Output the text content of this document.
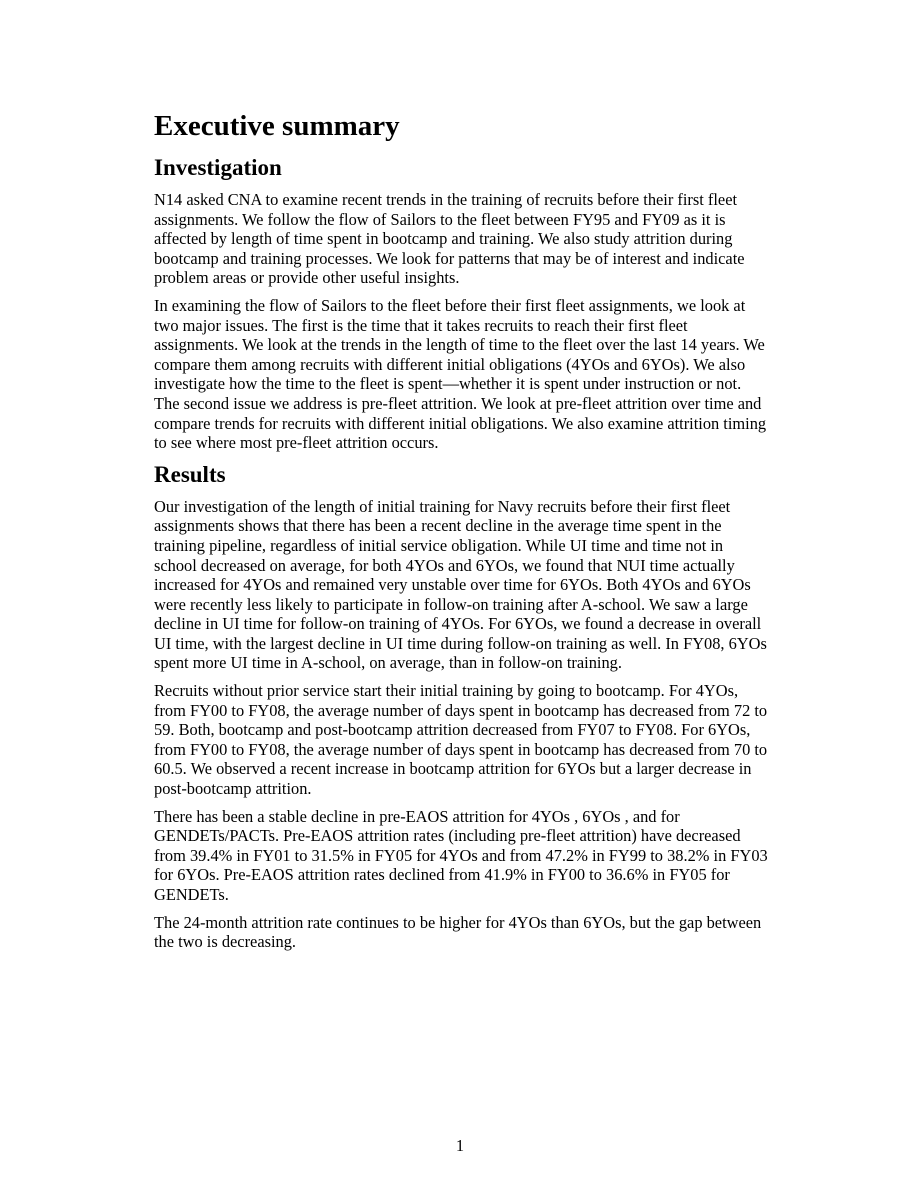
Executive summary
Investigation

N14 asked CNA to examine recent trends in the training of recruits before their first fleet assignments. We follow the flow of Sailors to the fleet between FY95 and FY09 as it is affected by length of time spent in bootcamp and training. We also study attrition during bootcamp and training processes. We look for patterns that may be of interest and indicate problem areas or provide other useful insights.

In examining the flow of Sailors to the fleet before their first fleet assignments, we look at two major issues. The first is the time that it takes recruits to reach their first fleet assignments. We look at the trends in the length of time to the fleet over the last 14 years. We compare them among recruits with different initial obligations (4YOs and 6YOs). We also investigate how the time to the fleet is spent—whether it is spent under instruction or not. The second issue we address is pre-fleet attrition. We look at pre-fleet attrition over time and compare trends for recruits with different initial obligations. We also examine attrition timing to see where most pre-fleet attrition occurs.

Results

Our investigation of the length of initial training for Navy recruits before their first fleet assignments shows that there has been a recent decline in the average time spent in the training pipeline, regardless of initial service obligation. While UI time and time not in school decreased on average, for both 4YOs and 6YOs, we found that NUI time actually increased for 4YOs and remained very unstable over time for 6YOs. Both 4YOs and 6YOs were recently less likely to participate in follow-on training after A-school. We saw a large decline in UI time for follow-on training of 4YOs. For 6YOs, we found a decrease in overall UI time, with the largest decline in UI time during follow-on training as well. In FY08, 6YOs spent more UI time in A-school, on average, than in follow-on training.

Recruits without prior service start their initial training by going to bootcamp. For 4YOs, from FY00 to FY08, the average number of days spent in bootcamp has decreased from 72 to 59. Both, bootcamp and post-bootcamp attrition decreased from FY07 to FY08. For 6YOs, from FY00 to FY08, the average number of days spent in bootcamp has decreased from 70 to 60.5. We observed a recent increase in bootcamp attrition for 6YOs but a larger decrease in post-bootcamp attrition.

There has been a stable decline in pre-EAOS attrition for 4YOs , 6YOs , and for GENDETs/PACTs. Pre-EAOS attrition rates (including pre-fleet attrition) have decreased from 39.4% in FY01 to 31.5% in FY05 for 4YOs and from 47.2% in FY99 to 38.2% in FY03 for 6YOs. Pre-EAOS attrition rates declined from 41.9% in FY00 to 36.6% in FY05 for GENDETs.

The 24-month attrition rate continues to be higher for 4YOs than 6YOs, but the gap between the two is decreasing.

1
